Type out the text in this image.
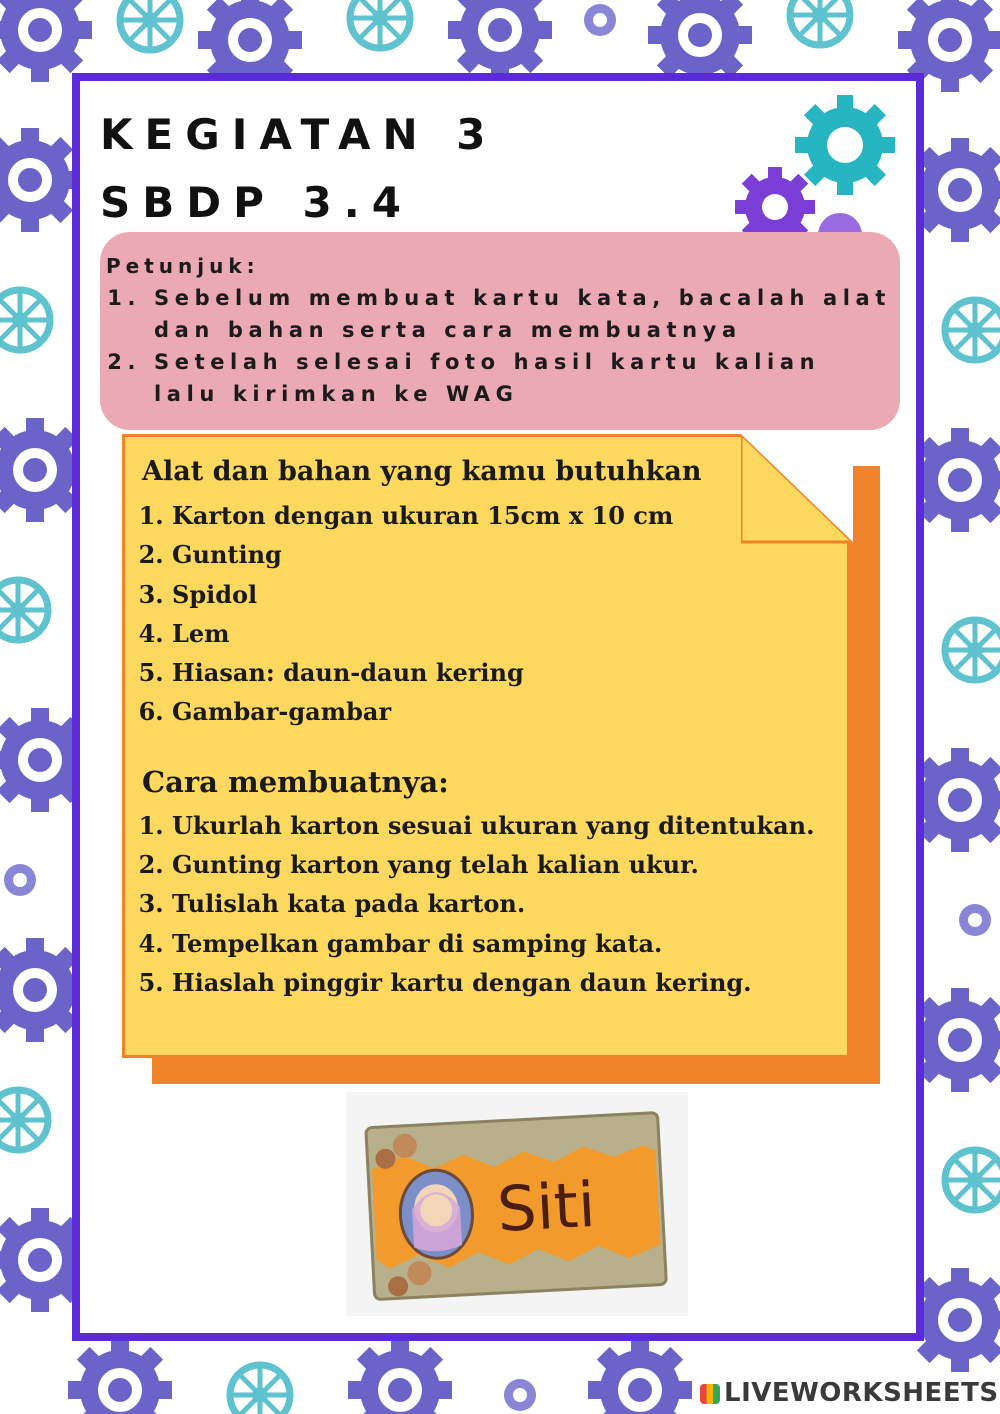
KEGIATAN 3
SBDP 3.4

Petunjuk:

1. Sebelum membuat kartu kata, bacalah alat dan bahan serta cara membuatnya
2. Setelah selesai foto hasil kartu kalian lalu kirimkan ke WAG
Alat dan bahan yang kamu butuhkan
1. Karton dengan ukuran 15cm x 10 cm
2. Gunting
3. Spidol
4. Lem
5. Hiasan: daun-daun kering
6. Gambar-gambar
Cara membuatnya:
1. Ukurlah karton sesuai ukuran yang ditentukan.
2. Gunting karton yang telah kalian ukur.
3. Tulislah kata pada karton.
4. Tempelkan gambar di samping kata.
5. Hiaslah pinggir kartu dengan daun kering.
Siti
LIVEWORKSHEETS
